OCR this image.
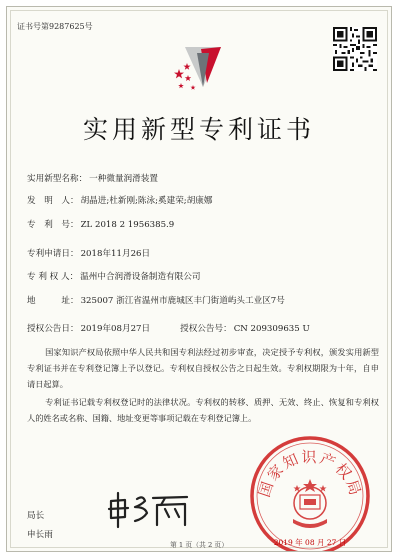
证书号第9287625号
实用新型专利证书
实用新型名称： 一种微量润滑装置
发　明　人： 胡晶进;杜新刚;陈泳;奚建荣;胡康娜
专　利　号： ZL 2018 2 1956385.9
专利申请日： 2018年11月26日
专 利 权 人： 温州中合润滑设备制造有限公司
地　　　址： 325007 浙江省温州市鹿城区丰门街道屿头工业区7号
授权公告日： 2019年08月27日	授权公告号： CN 209309635 U
国家知识产权局依照中华人民共和国专利法经过初步审查，决定授予专利权，颁发实用新型专利证书并在专利登记簿上予以登记。专利权自授权公告之日起生效。专利权期限为十年，自申请日起算。
专利证书记载专利权登记时的法律状况。专利权的转移、质押、无效、终止、恢复和专利权人的姓名或名称、国籍、地址变更等事项记载在专利登记簿上。
局长
申长雨
国家知识产权局
2019 年 08 月 27 日
第 1 页（共 2 页）
